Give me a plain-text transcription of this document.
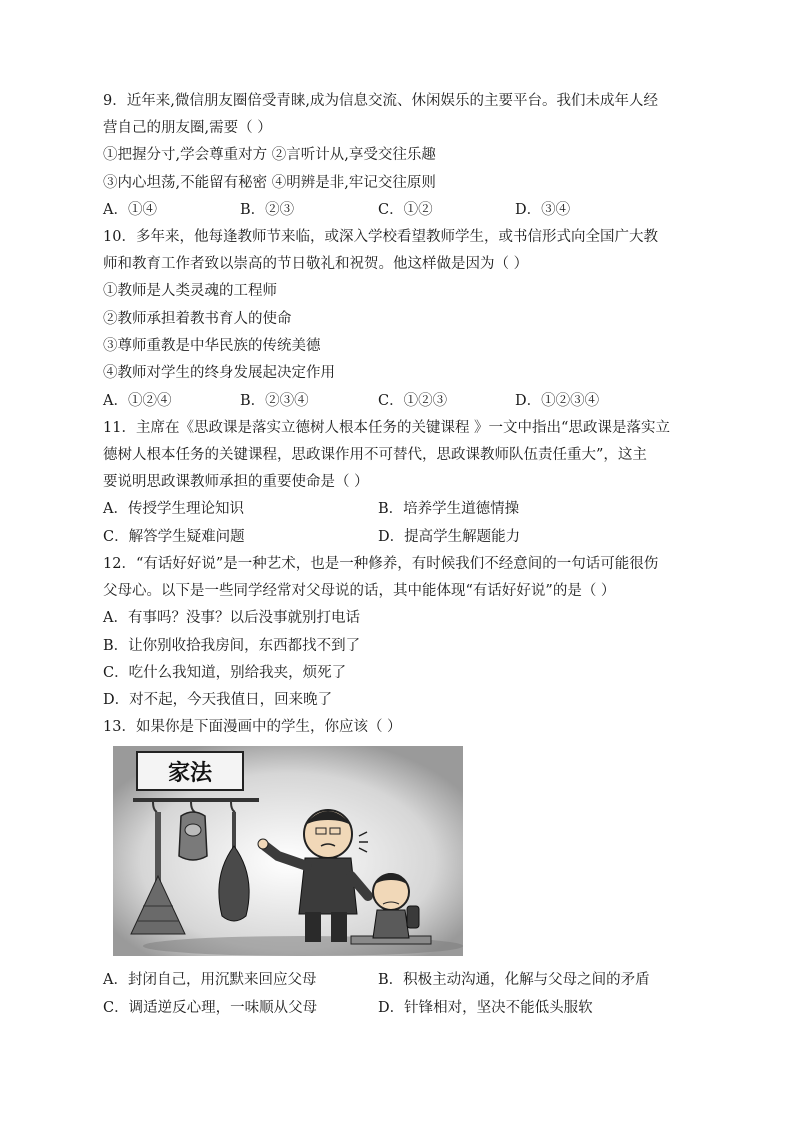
9．近年来,微信朋友圈倍受青睐,成为信息交流、休闲娱乐的主要平台。我们未成年人经
营自己的朋友圈,需要（ ）
①把握分寸,学会尊重对方 ②言听计从,享受交往乐趣
③内心坦荡,不能留有秘密 ④明辨是非,牢记交往原则
A．①④	B．②③	C．①②	D．③④
10．多年来，他每逢教师节来临，或深入学校看望教师学生，或书信形式向全国广大教
师和教育工作者致以崇高的节日敬礼和祝贺。他这样做是因为（ ）
①教师是人类灵魂的工程师
②教师承担着教书育人的使命
③尊师重教是中华民族的传统美德
④教师对学生的终身发展起决定作用
A．①②④	B．②③④	C．①②③	D．①②③④
11．主席在《思政课是落实立德树人根本任务的关键课程 》一文中指出“思政课是落实立
德树人根本任务的关键课程，思政课作用不可替代，思政课教师队伍责任重大”，这主
要说明思政课教师承担的重要使命是（ ）
A．传授学生理论知识	B．培养学生道德情操
C．解答学生疑难问题	D．提高学生解题能力
12．“有话好好说”是一种艺术，也是一种修养，有时候我们不经意间的一句话可能很伤
父母心。以下是一些同学经常对父母说的话，其中能体现“有话好好说”的是（ ）
A．有事吗？没事？以后没事就别打电话
B．让你别收拾我房间，东西都找不到了
C．吃什么我知道，别给我夹，烦死了
D．对不起，今天我值日，回来晚了
13．如果你是下面漫画中的学生，你应该（ ）
家法
A．封闭自己，用沉默来回应父母	B．积极主动沟通，化解与父母之间的矛盾
C．调适逆反心理，一味顺从父母	D．针锋相对，坚决不能低头服软
